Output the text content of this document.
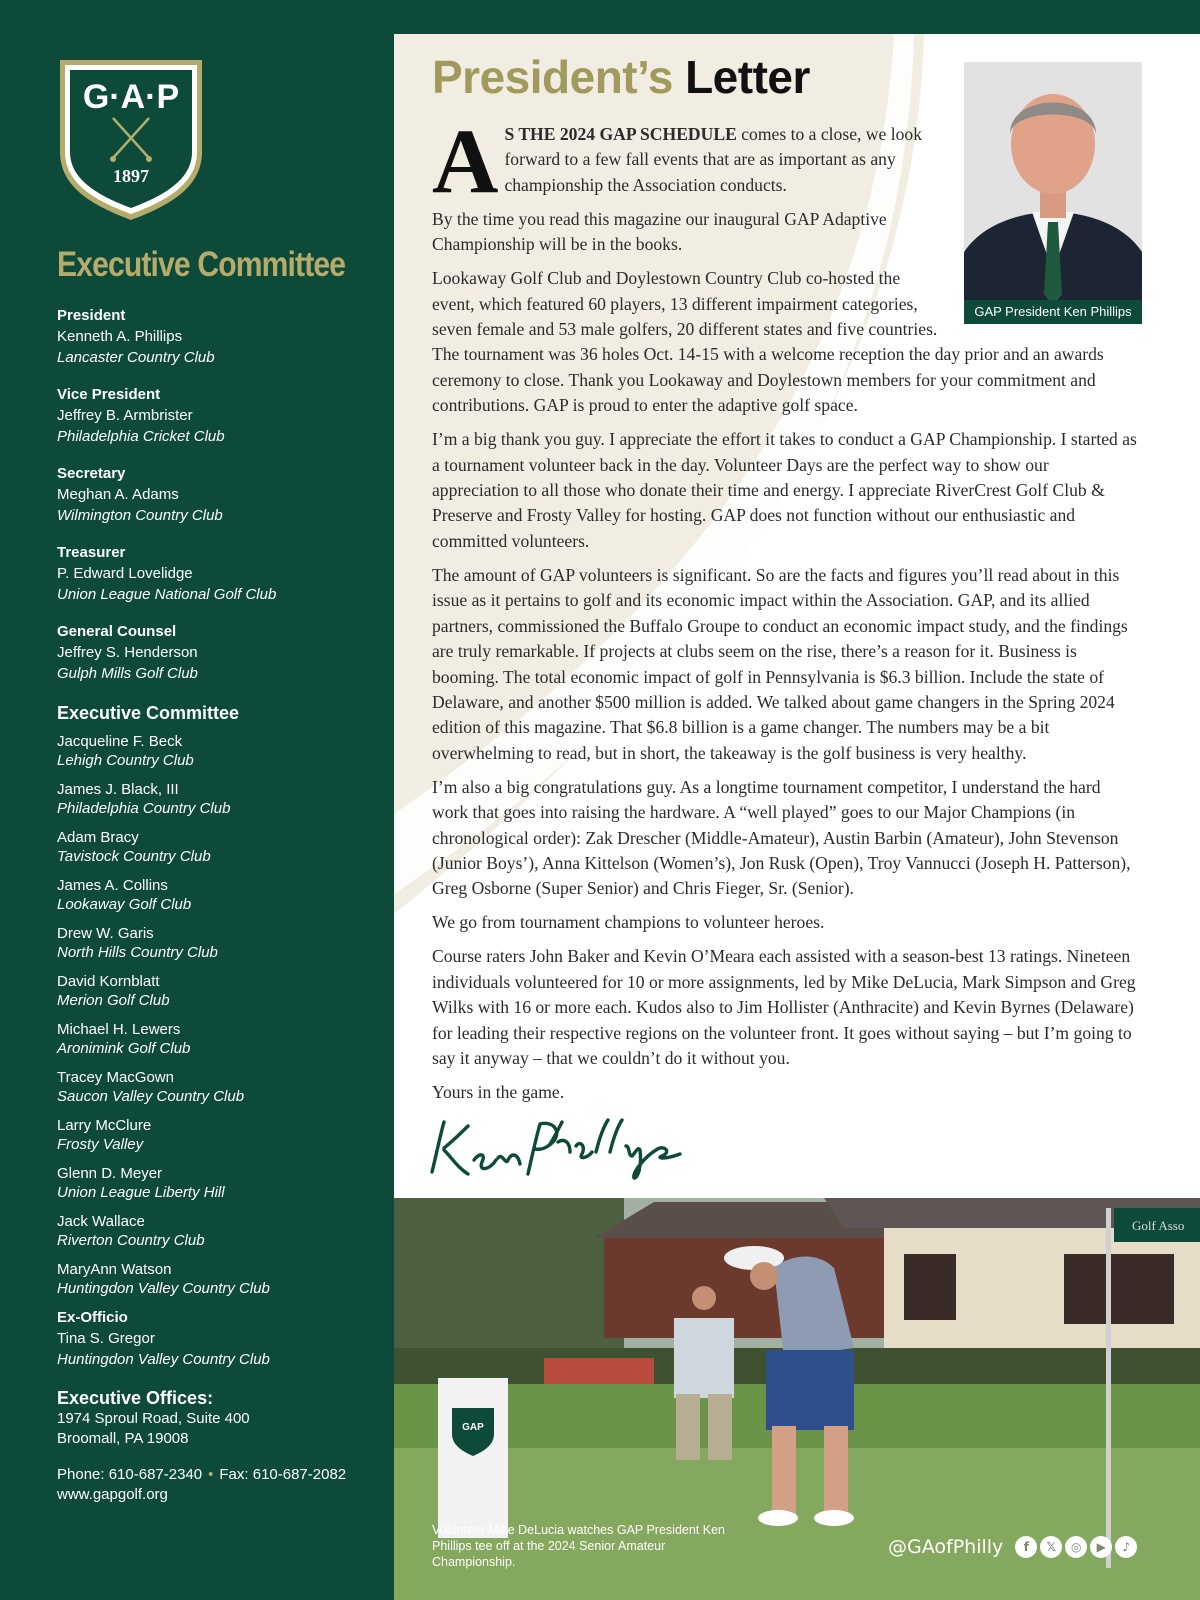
G·A·P
1897
Executive Committee
President
Kenneth A. Phillips
Lancaster Country Club
Vice President
Jeffrey B. Armbrister
Philadelphia Cricket Club
Secretary
Meghan A. Adams
Wilmington Country Club
Treasurer
P. Edward Lovelidge
Union League National Golf Club
General Counsel
Jeffrey S. Henderson
Gulph Mills Golf Club
Executive Committee
Jacqueline F. Beck
Lehigh Country Club
James J. Black, III
Philadelphia Country Club
Adam Bracy
Tavistock Country Club
James A. Collins
Lookaway Golf Club
Drew W. Garis
North Hills Country Club
David Kornblatt
Merion Golf Club
Michael H. Lewers
Aronimink Golf Club
Tracey MacGown
Saucon Valley Country Club
Larry McClure
Frosty Valley
Glenn D. Meyer
Union League Liberty Hill
Jack Wallace
Riverton Country Club
MaryAnn Watson
Huntingdon Valley Country Club
Ex-Officio
Tina S. Gregor
Huntingdon Valley Country Club
Executive Offices:
1974 Sproul Road, Suite 400
Broomall, PA 19008
Phone: 610-687-2340 • Fax: 610-687-2082
www.gapgolf.org
President’s Letter
GAP President Ken Phillips

A S THE 2024 GAP SCHEDULE comes to a close, we look forward to a few fall events that are as important as any championship the Association conducts.

By the time you read this magazine our inaugural GAP Adaptive Championship will be in the books.

Lookaway Golf Club and Doylestown Country Club co-hosted the event, which featured 60 players, 13 different impairment categories, seven female and 53 male golfers, 20 different states and five countries. The tournament was 36 holes Oct. 14-15 with a welcome reception the day prior and an awards ceremony to close. Thank you Lookaway and Doylestown members for your commitment and contributions. GAP is proud to enter the adaptive golf space.

I’m a big thank you guy. I appreciate the effort it takes to conduct a GAP Championship. I started as a tournament volunteer back in the day. Volunteer Days are the perfect way to show our appreciation to all those who donate their time and energy. I appreciate RiverCrest Golf Club & Preserve and Frosty Valley for hosting. GAP does not function without our enthusiastic and committed volunteers.

The amount of GAP volunteers is significant. So are the facts and figures you’ll read about in this issue as it pertains to golf and its economic impact within the Association. GAP, and its allied partners, commissioned the Buffalo Groupe to conduct an economic impact study, and the findings are truly remarkable. If projects at clubs seem on the rise, there’s a reason for it. Business is booming. The total economic impact of golf in Pennsylvania is $6.3 billion. Include the state of Delaware, and another $500 million is added. We talked about game changers in the Spring 2024 edition of this magazine. That $6.8 billion is a game changer. The numbers may be a bit overwhelming to read, but in short, the takeaway is the golf business is very healthy.

I’m also a big congratulations guy. As a longtime tournament competitor, I understand the hard work that goes into raising the hardware. A “well played” goes to our Major Champions (in chronological order): Zak Drescher (Middle-Amateur), Austin Barbin (Amateur), John Stevenson (Junior Boys’), Anna Kittelson (Women’s), Jon Rusk (Open), Troy Vannucci (Joseph H. Patterson), Greg Osborne (Super Senior) and Chris Fieger, Sr. (Senior).

We go from tournament champions to volunteer heroes.

Course raters John Baker and Kevin O’Meara each assisted with a season-best 13 ratings. Nineteen individuals volunteered for 10 or more assignments, led by Mike DeLucia, Mark Simpson and Greg Wilks with 16 or more each. Kudos also to Jim Hollister (Anthracite) and Kevin Byrnes (Delaware) for leading their respective regions on the volunteer front. It goes without saying – but I’m going to say it anyway – that we couldn’t do it without you.

Yours in the game.

GAP
Golf Asso
Volunteer Mike DeLucia watches GAP President Ken Phillips tee off at the 2024 Senior Amateur Championship.
@GAofPhilly	f	𝕏	◎	▶	♪
